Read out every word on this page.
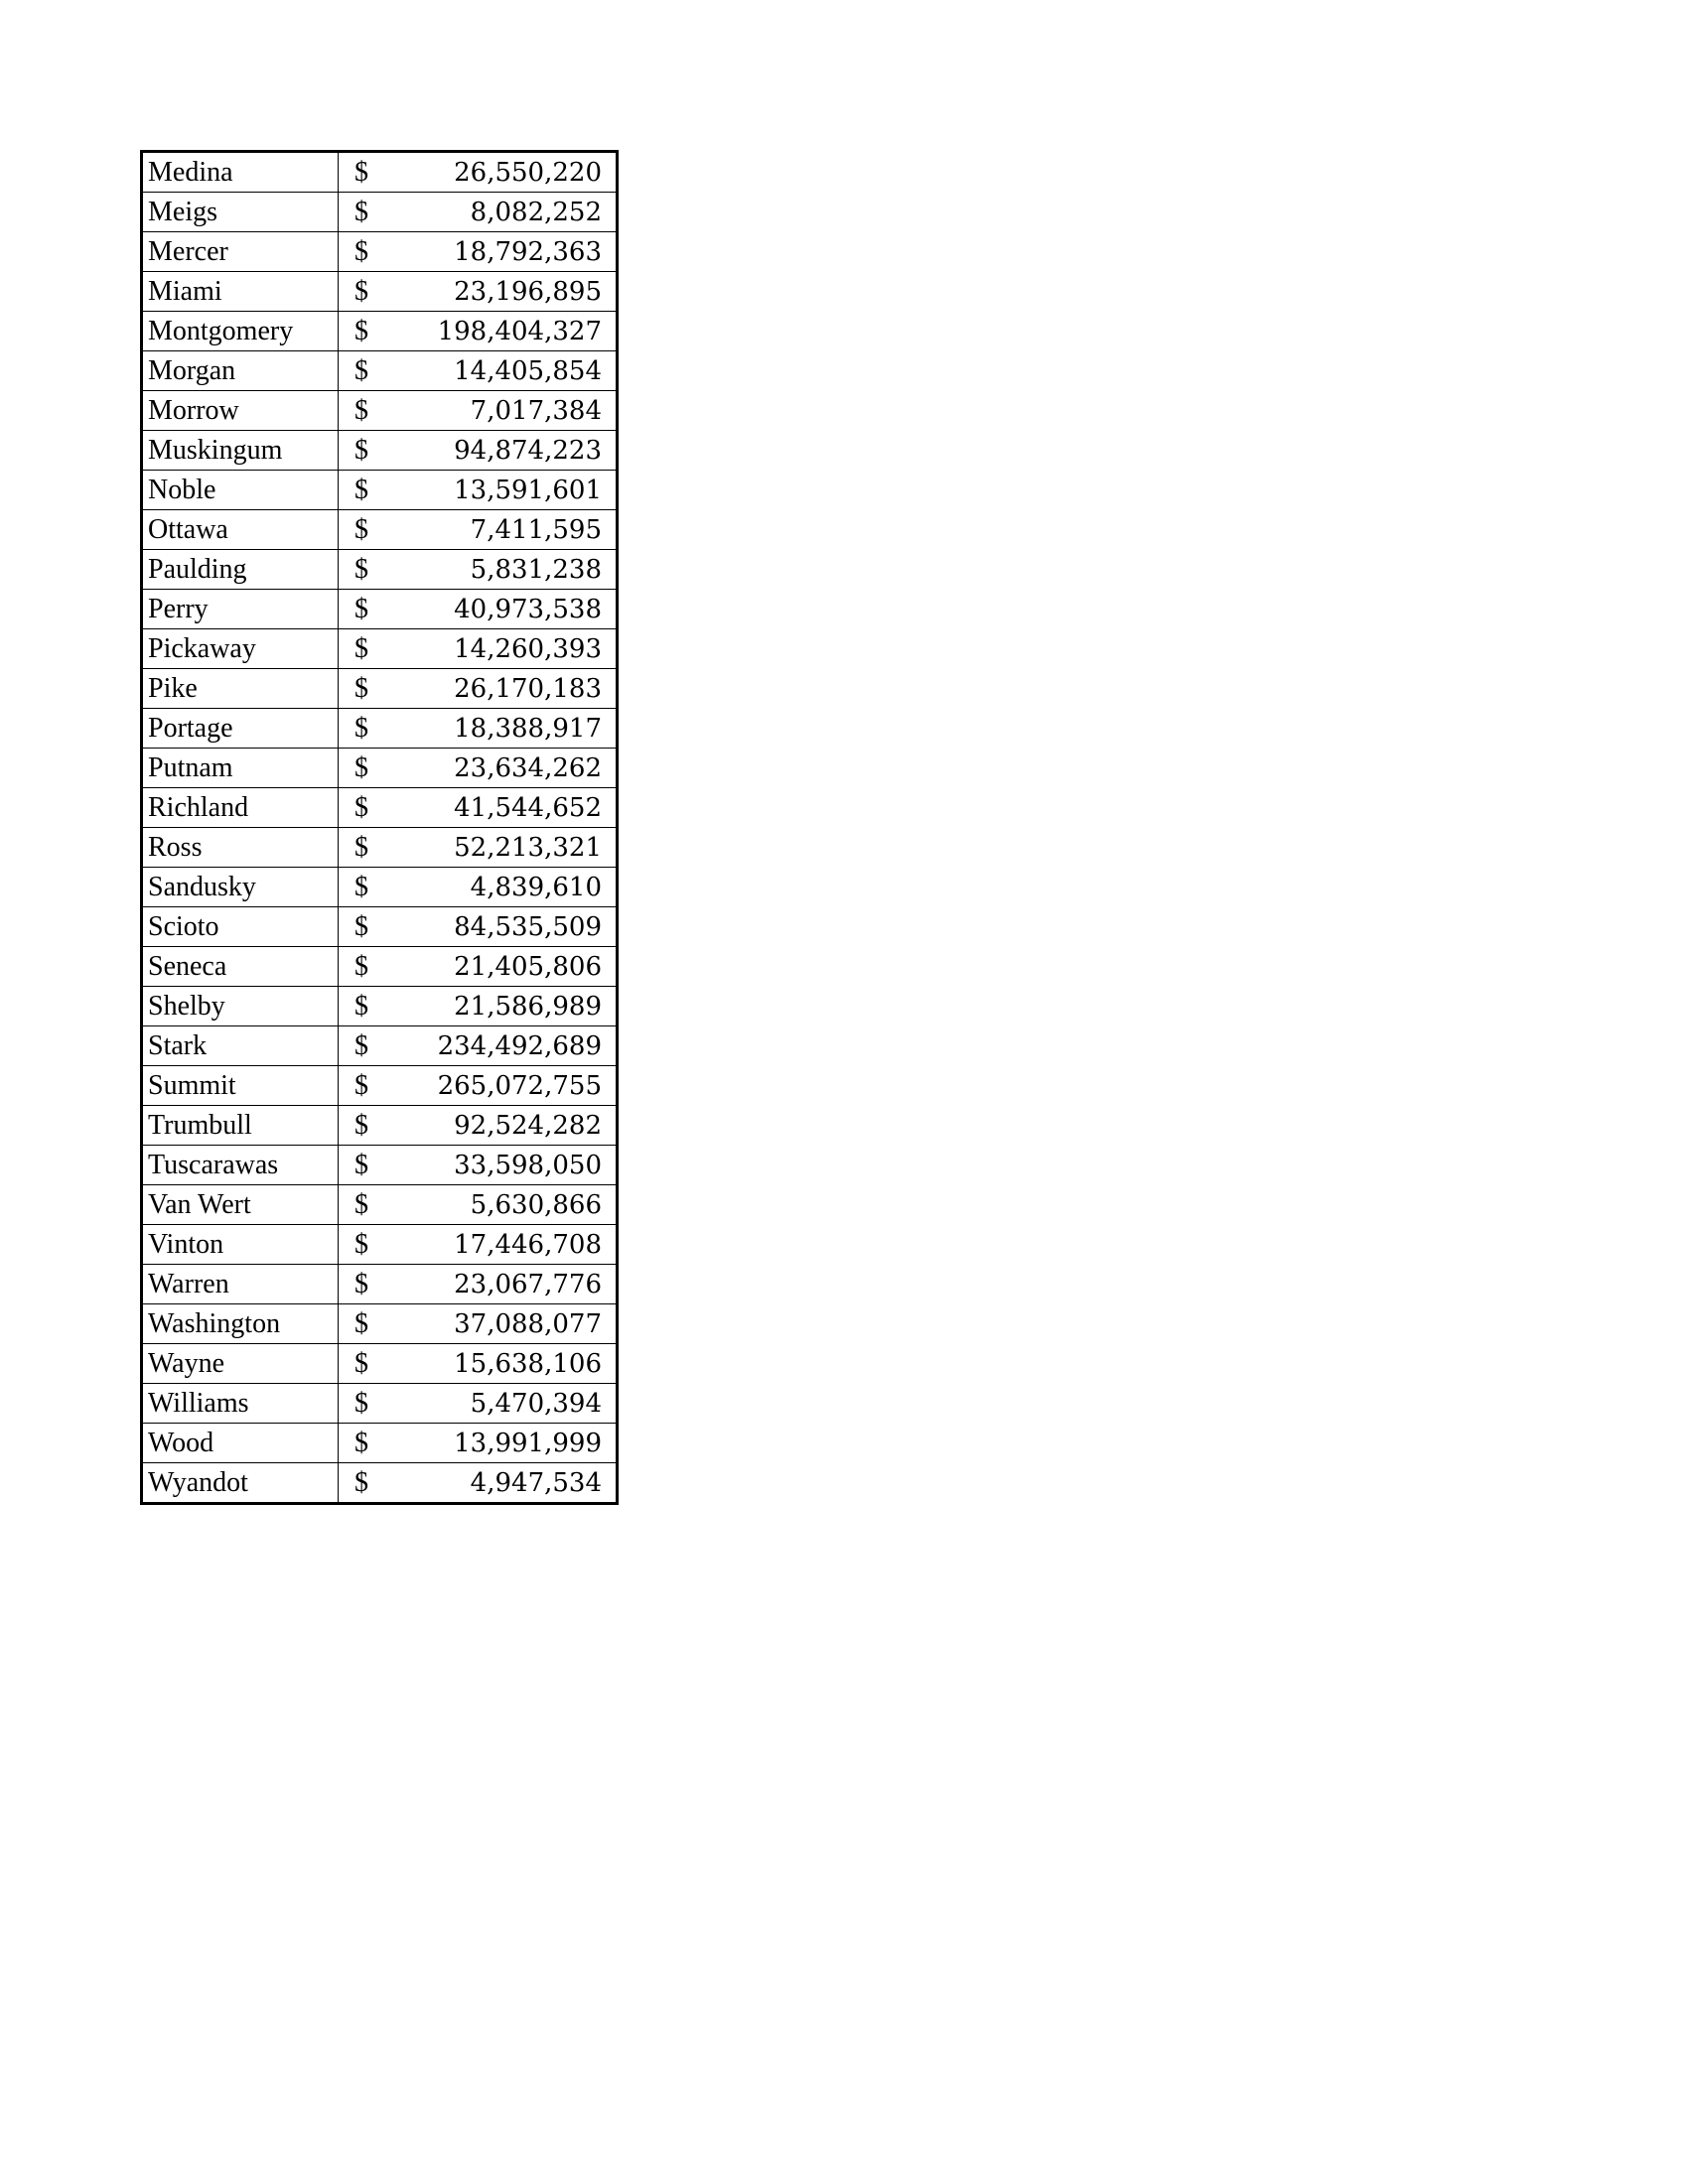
Medina	$	26,550,220
Meigs	$	8,082,252
Mercer	$	18,792,363
Miami	$	23,196,895
Montgomery	$	198,404,327
Morgan	$	14,405,854
Morrow	$	7,017,384
Muskingum	$	94,874,223
Noble	$	13,591,601
Ottawa	$	7,411,595
Paulding	$	5,831,238
Perry	$	40,973,538
Pickaway	$	14,260,393
Pike	$	26,170,183
Portage	$	18,388,917
Putnam	$	23,634,262
Richland	$	41,544,652
Ross	$	52,213,321
Sandusky	$	4,839,610
Scioto	$	84,535,509
Seneca	$	21,405,806
Shelby	$	21,586,989
Stark	$	234,492,689
Summit	$	265,072,755
Trumbull	$	92,524,282
Tuscarawas	$	33,598,050
Van Wert	$	5,630,866
Vinton	$	17,446,708
Warren	$	23,067,776
Washington	$	37,088,077
Wayne	$	15,638,106
Williams	$	5,470,394
Wood	$	13,991,999
Wyandot	$	4,947,534
